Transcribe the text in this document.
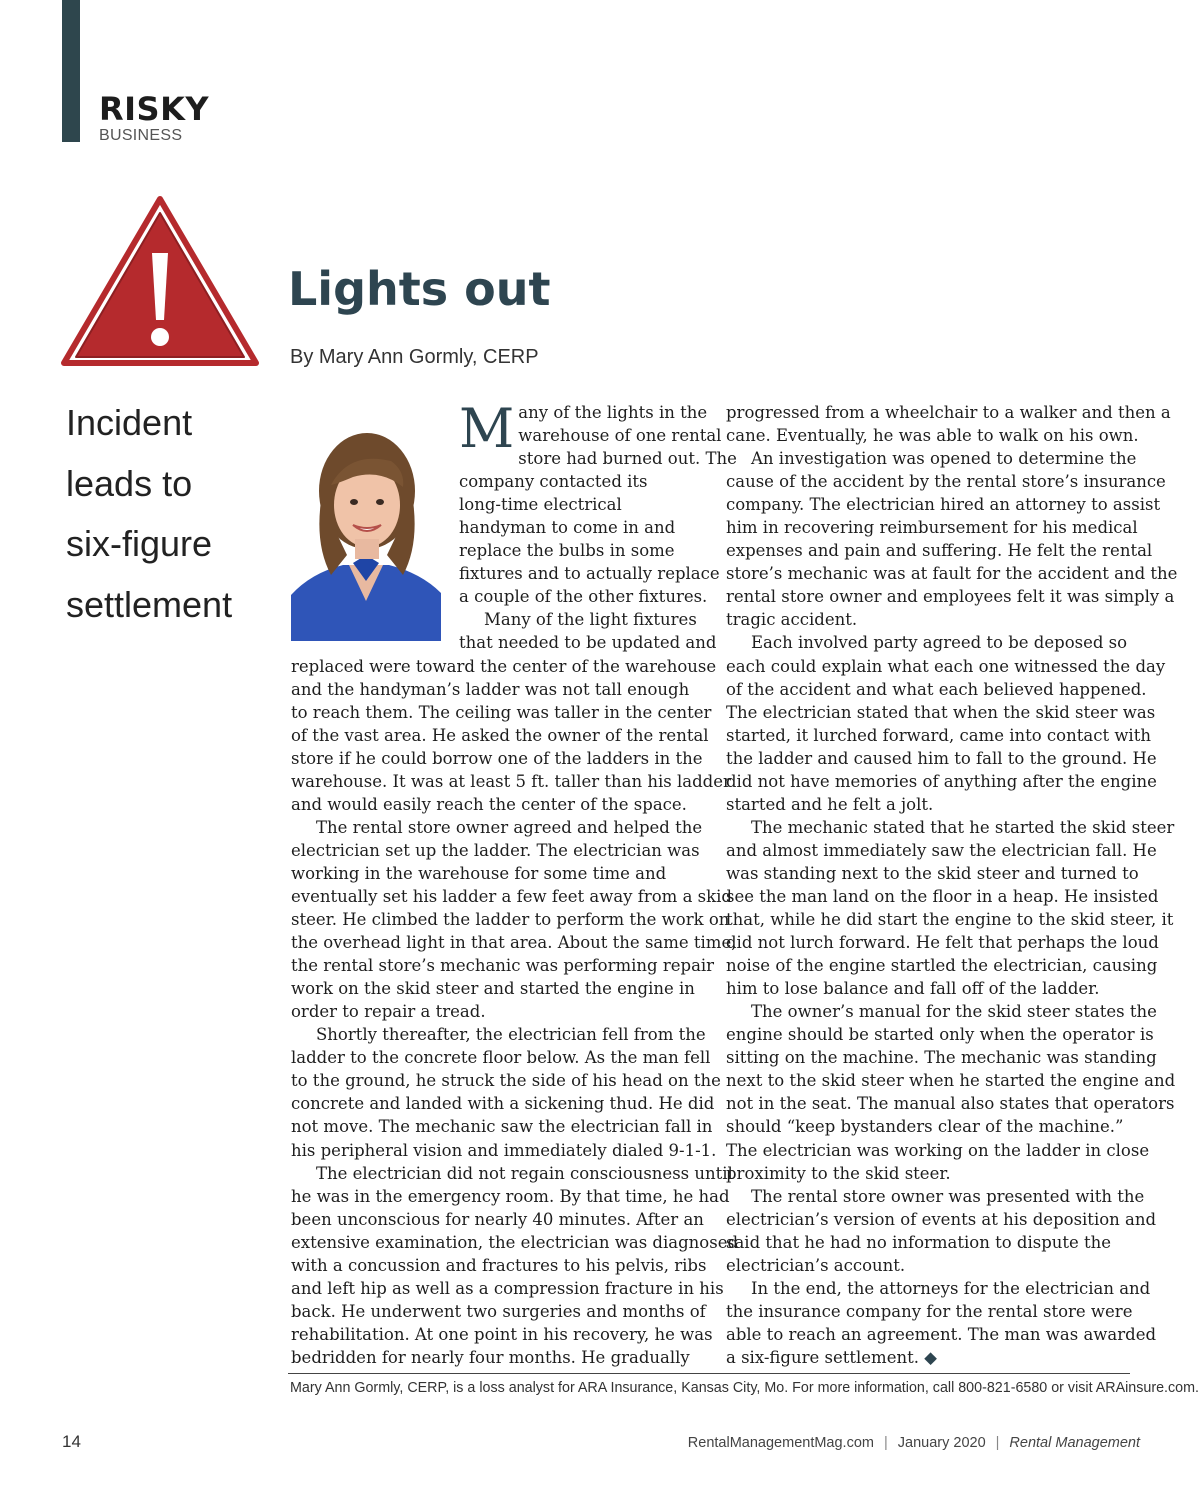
RISKY
BUSINESS
Lights out
By Mary Ann Gormly, CERP
Incident
leads to
six-figure
settlement
M any of the lights in the

warehouse of one rental

store had burned out. The

company contacted its

long-time electrical

handyman to come in and

replace the bulbs in some

fixtures and to actually replace

a couple of the other fixtures.

Many of the light fixtures

that needed to be updated and

replaced were toward the center of the warehouse

and the handyman’s ladder was not tall enough

to reach them. The ceiling was taller in the center

of the vast area. He asked the owner of the rental

store if he could borrow one of the ladders in the

warehouse. It was at least 5 ft. taller than his ladder

and would easily reach the center of the space.

The rental store owner agreed and helped the

electrician set up the ladder. The electrician was

working in the warehouse for some time and

eventually set his ladder a few feet away from a skid

steer. He climbed the ladder to perform the work on

the overhead light in that area. About the same time,

the rental store’s mechanic was performing repair

work on the skid steer and started the engine in

order to repair a tread.

Shortly thereafter, the electrician fell from the

ladder to the concrete floor below. As the man fell

to the ground, he struck the side of his head on the

concrete and landed with a sickening thud. He did

not move. The mechanic saw the electrician fall in

his peripheral vision and immediately dialed 9-1-1.

The electrician did not regain consciousness until

he was in the emergency room. By that time, he had

been unconscious for nearly 40 minutes. After an

extensive examination, the electrician was diagnosed

with a concussion and fractures to his pelvis, ribs

and left hip as well as a compression fracture in his

back. He underwent two surgeries and months of

rehabilitation. At one point in his recovery, he was

bedridden for nearly four months. He gradually

progressed from a wheelchair to a walker and then a

cane. Eventually, he was able to walk on his own.

An investigation was opened to determine the

cause of the accident by the rental store’s insurance

company. The electrician hired an attorney to assist

him in recovering reimbursement for his medical

expenses and pain and suffering. He felt the rental

store’s mechanic was at fault for the accident and the

rental store owner and employees felt it was simply a

tragic accident.

Each involved party agreed to be deposed so

each could explain what each one witnessed the day

of the accident and what each believed happened.

The electrician stated that when the skid steer was

started, it lurched forward, came into contact with

the ladder and caused him to fall to the ground. He

did not have memories of anything after the engine

started and he felt a jolt.

The mechanic stated that he started the skid steer

and almost immediately saw the electrician fall. He

was standing next to the skid steer and turned to

see the man land on the floor in a heap. He insisted

that, while he did start the engine to the skid steer, it

did not lurch forward. He felt that perhaps the loud

noise of the engine startled the electrician, causing

him to lose balance and fall off of the ladder.

The owner’s manual for the skid steer states the

engine should be started only when the operator is

sitting on the machine. The mechanic was standing

next to the skid steer when he started the engine and

not in the seat. The manual also states that operators

should “keep bystanders clear of the machine.”

The electrician was working on the ladder in close

proximity to the skid steer.

The rental store owner was presented with the

electrician’s version of events at his deposition and

said that he had no information to dispute the

electrician’s account.

In the end, the attorneys for the electrician and

the insurance company for the rental store were

able to reach an agreement. The man was awarded

a six-figure settlement. ◆

Mary Ann Gormly, CERP, is a loss analyst for ARA Insurance, Kansas City, Mo. For more information, call 800-821-6580 or visit ARAinsure.com.
14	RentalManagementMag.com | January 2020 | Rental Management
